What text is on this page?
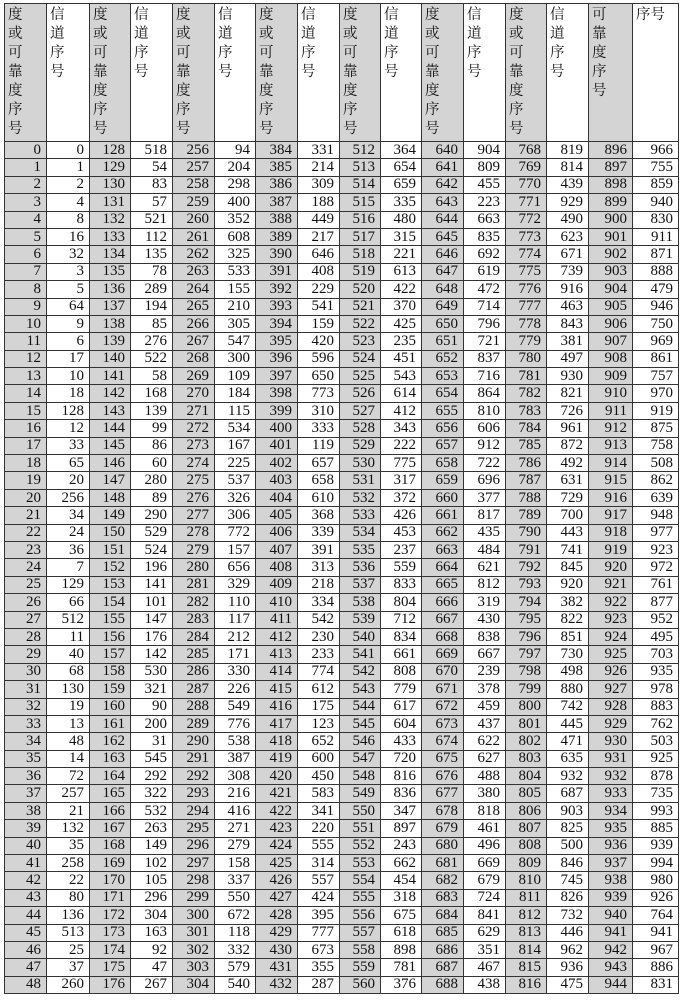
度或可靠度序号	信道序号	度或可靠度序号	信道序号	度或可靠度序号	信道序号	度或可靠度序号	信道序号	度或可靠度序号	信道序号	度或可靠度序号	信道序号	度或可靠度序号	信道序号	可靠度序号	序号
0	0	128	518	256	94	384	331	512	364	640	904	768	819	896	966
1	1	129	54	257	204	385	214	513	654	641	809	769	814	897	755
2	2	130	83	258	298	386	309	514	659	642	455	770	439	898	859
3	4	131	57	259	400	387	188	515	335	643	223	771	929	899	940
4	8	132	521	260	352	388	449	516	480	644	663	772	490	900	830
5	16	133	112	261	608	389	217	517	315	645	835	773	623	901	911
6	32	134	135	262	325	390	646	518	221	646	692	774	671	902	871
7	3	135	78	263	533	391	408	519	613	647	619	775	739	903	888
8	5	136	289	264	155	392	229	520	422	648	472	776	916	904	479
9	64	137	194	265	210	393	541	521	370	649	714	777	463	905	946
10	9	138	85	266	305	394	159	522	425	650	796	778	843	906	750
11	6	139	276	267	547	395	420	523	235	651	721	779	381	907	969
12	17	140	522	268	300	396	596	524	451	652	837	780	497	908	861
13	10	141	58	269	109	397	650	525	543	653	716	781	930	909	757
14	18	142	168	270	184	398	773	526	614	654	864	782	821	910	970
15	128	143	139	271	115	399	310	527	412	655	810	783	726	911	919
16	12	144	99	272	534	400	333	528	343	656	606	784	961	912	875
17	33	145	86	273	167	401	119	529	222	657	912	785	872	913	758
18	65	146	60	274	225	402	657	530	775	658	722	786	492	914	508
19	20	147	280	275	537	403	658	531	317	659	696	787	631	915	862
20	256	148	89	276	326	404	610	532	372	660	377	788	729	916	639
21	34	149	290	277	306	405	368	533	426	661	817	789	700	917	948
22	24	150	529	278	772	406	339	534	453	662	435	790	443	918	977
23	36	151	524	279	157	407	391	535	237	663	484	791	741	919	923
24	7	152	196	280	656	408	313	536	559	664	621	792	845	920	972
25	129	153	141	281	329	409	218	537	833	665	812	793	920	921	761
26	66	154	101	282	110	410	334	538	804	666	319	794	382	922	877
27	512	155	147	283	117	411	542	539	712	667	430	795	822	923	952
28	11	156	176	284	212	412	230	540	834	668	838	796	851	924	495
29	40	157	142	285	171	413	233	541	661	669	667	797	730	925	703
30	68	158	530	286	330	414	774	542	808	670	239	798	498	926	935
31	130	159	321	287	226	415	612	543	779	671	378	799	880	927	978
32	19	160	90	288	549	416	175	544	617	672	459	800	742	928	883
33	13	161	200	289	776	417	123	545	604	673	437	801	445	929	762
34	48	162	31	290	538	418	652	546	433	674	622	802	471	930	503
35	14	163	545	291	387	419	600	547	720	675	627	803	635	931	925
36	72	164	292	292	308	420	450	548	816	676	488	804	932	932	878
37	257	165	322	293	216	421	583	549	836	677	380	805	687	933	735
38	21	166	532	294	416	422	341	550	347	678	818	806	903	934	993
39	132	167	263	295	271	423	220	551	897	679	461	807	825	935	885
40	35	168	149	296	279	424	555	552	243	680	496	808	500	936	939
41	258	169	102	297	158	425	314	553	662	681	669	809	846	937	994
42	22	170	105	298	337	426	557	554	454	682	679	810	745	938	980
43	80	171	296	299	550	427	424	555	318	683	724	811	826	939	926
44	136	172	304	300	672	428	395	556	675	684	841	812	732	940	764
45	513	173	163	301	118	429	777	557	618	685	629	813	446	941	941
46	25	174	92	302	332	430	673	558	898	686	351	814	962	942	967
47	37	175	47	303	579	431	355	559	781	687	467	815	936	943	886
48	260	176	267	304	540	432	287	560	376	688	438	816	475	944	831
